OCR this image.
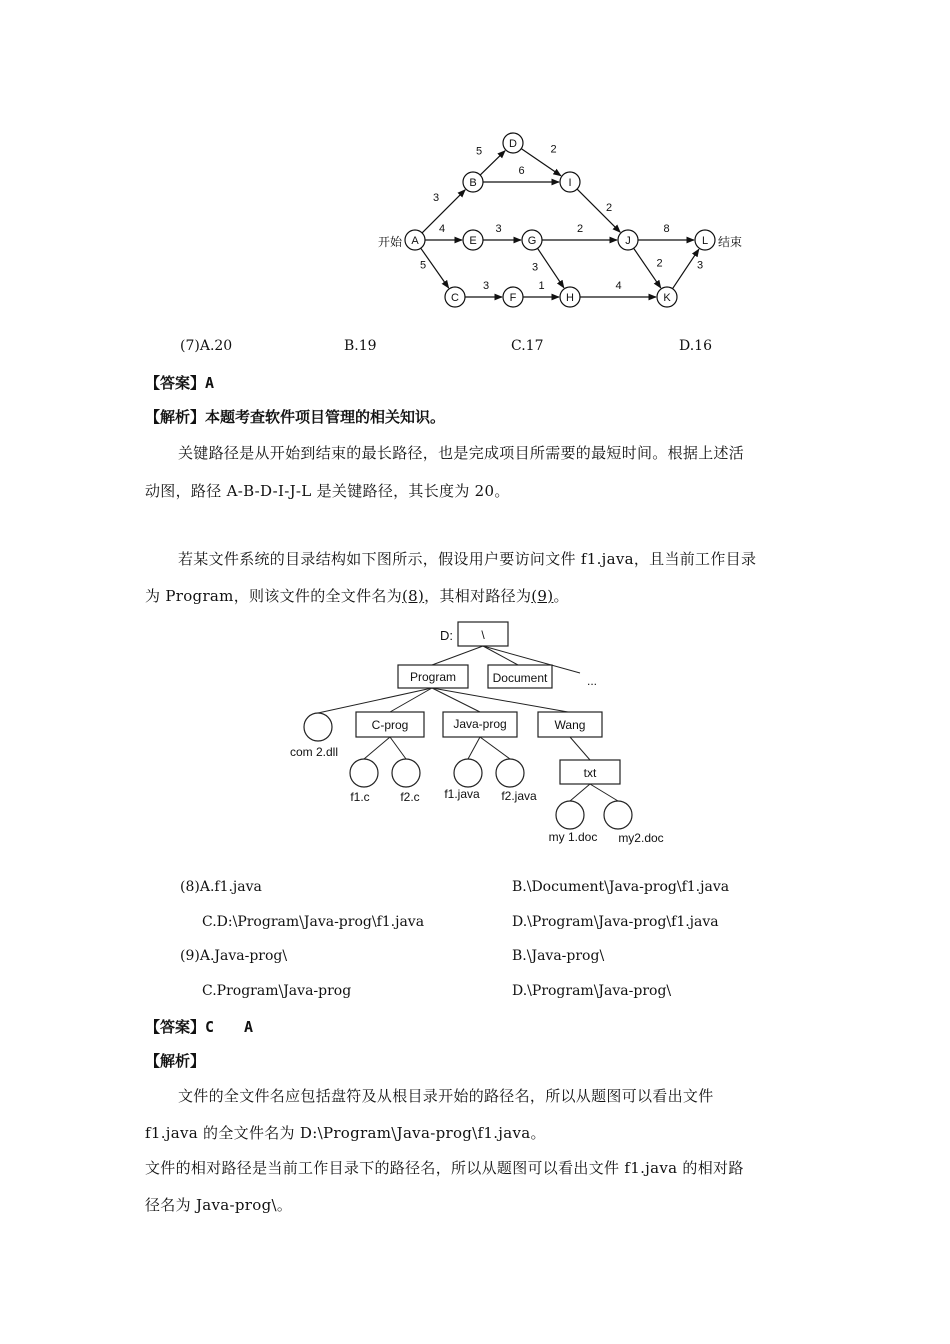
3
4
5
5
6
2
3	2
3
3	1	4
2
8
2	3
A
B
C
D
E
F
G
H
I
J
K
L
开始	结束
(7)A.20	B.19	C.17	D.16
【答案】A
【解析】本题考查软件项目管理的相关知识。
关键路径是从开始到结束的最长路径，也是完成项目所需要的最短时间。根据上述活
动图，路径 A-B-D-I-J-L 是关键路径，其长度为 20。
若某文件系统的目录结构如下图所示，假设用户要访问文件 f1.java，且当前工作目录
为 Program，则该文件的全文件名为(8)，其相对路径为(9)。
D: \
Program	Document	...
C-prog	Java-prog	Wang
txt
com 2.dll
f1.c	f2.c f1.java f2.java
my 1.doc my2.doc
(8)A.f1.java	B.\Document\Java-prog\f1.java
C.D:\Program\Java-prog\f1.java	D.\Program\Java-prog\f1.java
(9)A.Java-prog\	B.\Java-prog\
C.Program\Java-prog	D.\Program\Java-prog\
【答案】C　　A
【解析】
文件的全文件名应包括盘符及从根目录开始的路径名，所以从题图可以看出文件
f1.java 的全文件名为 D:\Program\Java-prog\f1.java。
文件的相对路径是当前工作目录下的路径名，所以从题图可以看出文件 f1.java 的相对路
径名为 Java-prog\。
